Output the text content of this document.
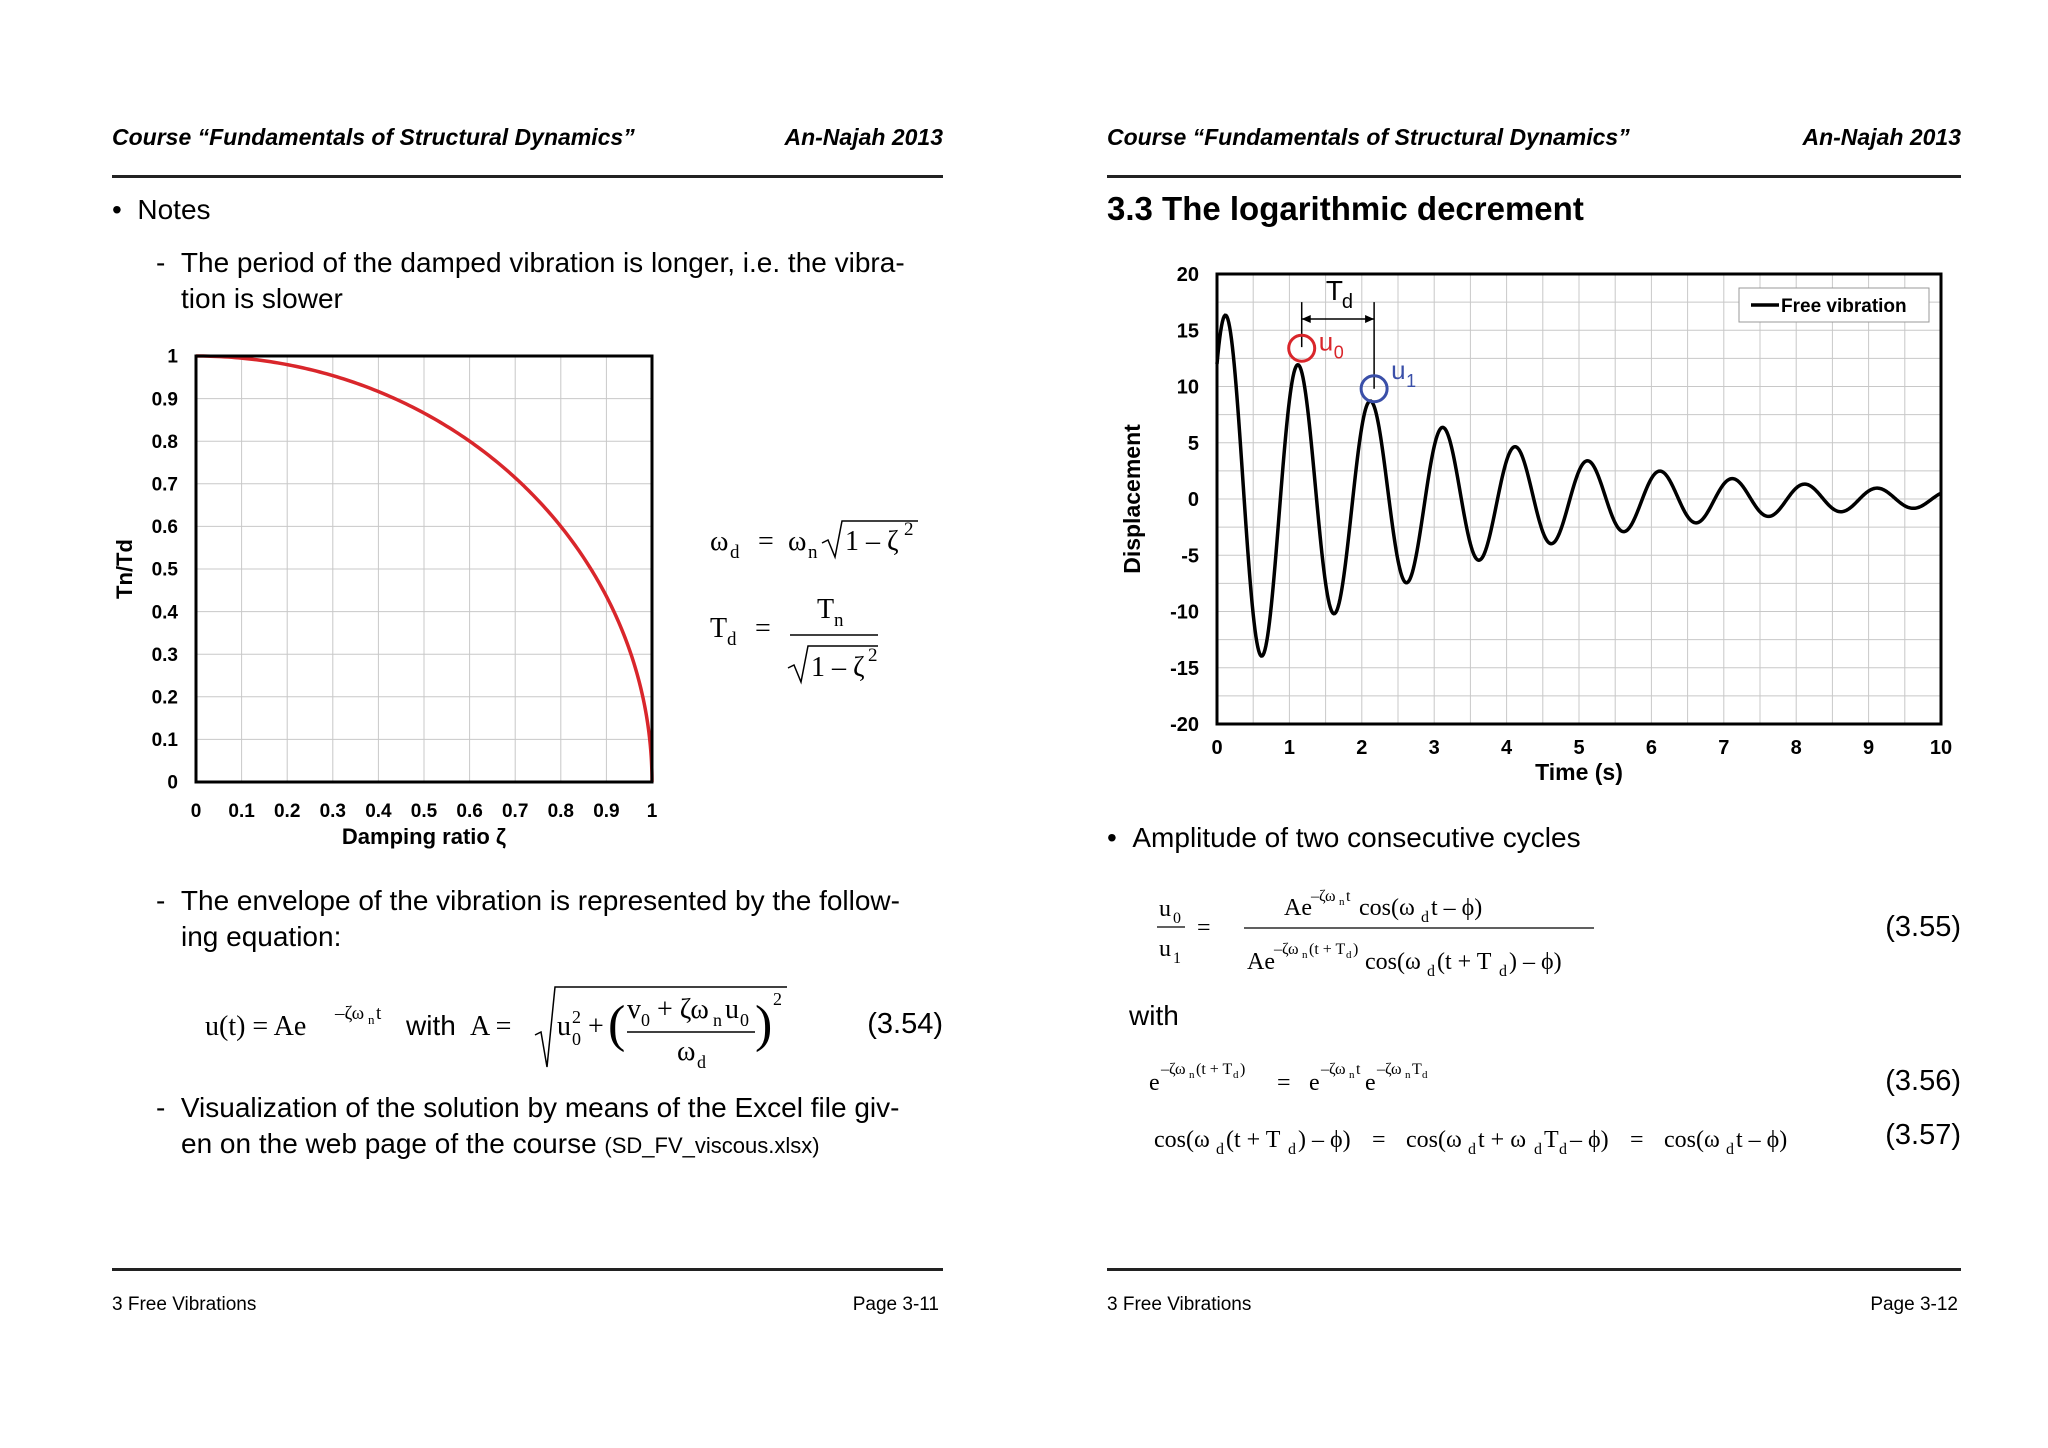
Course “Fundamentals of Structural Dynamics”	An-Najah 2013
•  Notes
-  The period of the damped vibration is longer, i.e. the vibra-
tion is slower
0 0.1 0.2 0.3 0.4 0.5 0.6 0.7 0.8 0.9 1
0
0.1
0.2
0.3
0.4
0.5
0.6
0.7
0.8
0.9
1
Damping ratio ζ
Tn/Td	ω d = ω n 1 – ζ 2
T d =
T n
1 – ζ 2
-  The envelope of the vibration is represented by the follow-
ing equation:
u(t) = Ae –ζω n t with A = u 2
0 + ( v 0 + ζω n u 0
ω d
) 2
(3.54)
-  Visualization of the solution by means of the Excel file giv-
en on the web page of the course (SD_FV_viscous.xlsx)
3 Free Vibrations	Page 3-11
Course “Fundamentals of Structural Dynamics”	An-Najah 2013
3.3 The logarithmic decrement
0	1	2	3	4	5	6	7	8	9	10
-20
-15
-10
-5
0
5
10
15
20
Time (s)
Displacement
Free vibration
T
d
u 0
u 1
•  Amplitude of two consecutive cycles
u 0
u 1
=
Ae –ζω n t cos(ω d t – ϕ)
Ae –ζω n (t + T d ) cos(ω d (t + T d ) – ϕ)
(3.55)
with
e
–ζω n (t + T d )
= e
–ζω n t
e
–ζω n T d	(3.56)
cos(ω d (t + T d ) – ϕ) = cos(ω d t + ω d T d – ϕ) = cos(ω d t – ϕ)	(3.57)
3 Free Vibrations	Page 3-12
